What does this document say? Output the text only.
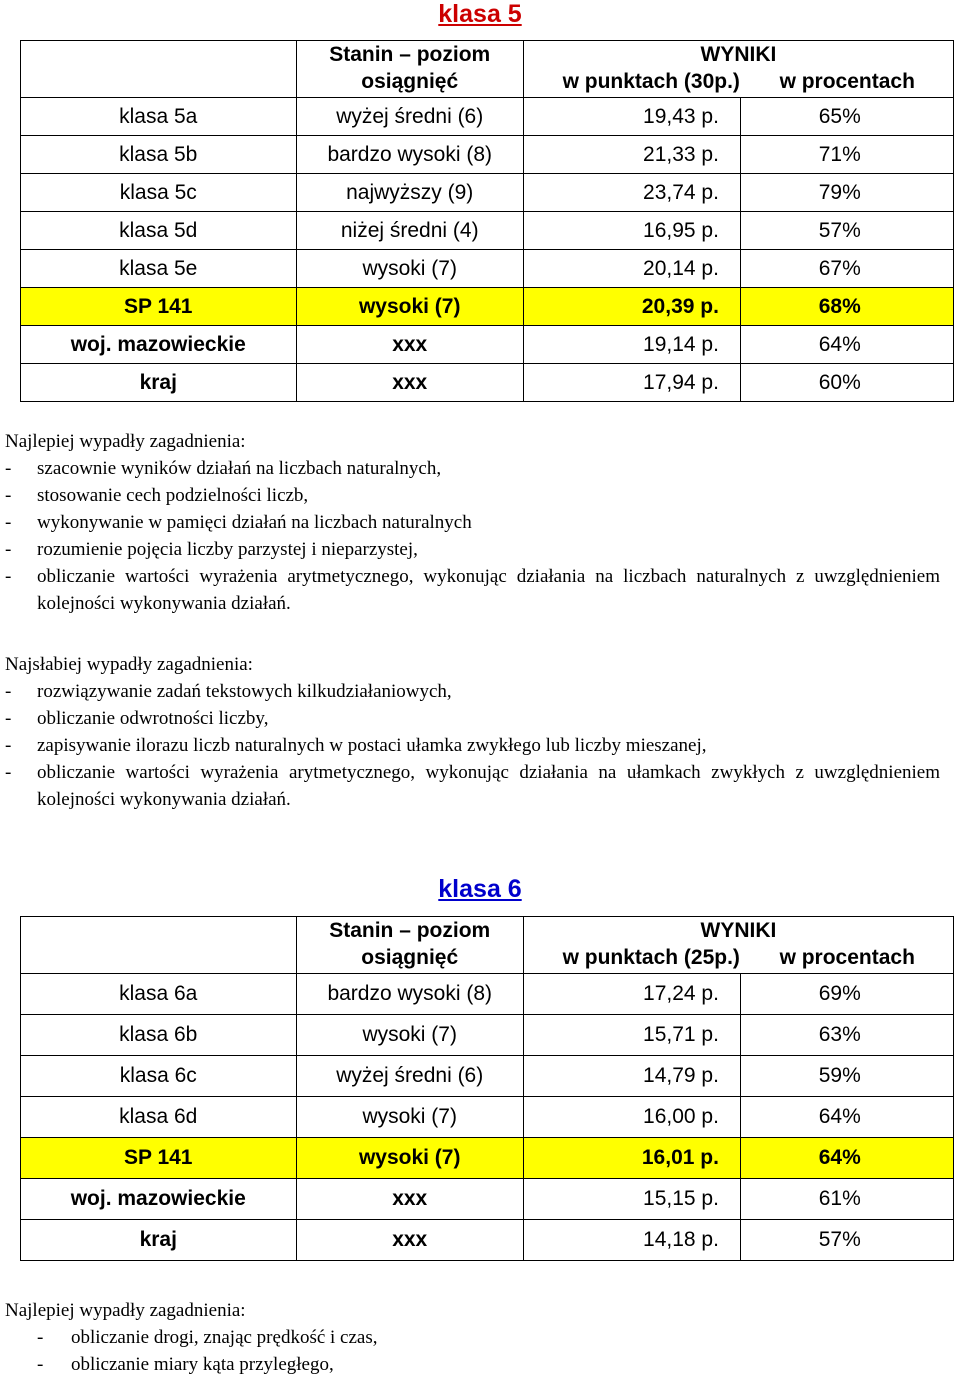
klasa 5

	Stanin – poziom
osiągnięć	WYNIKI
w punktach (30p.) w procentach	
klasa 5a	wyżej średni (6)	19,43 p.	65%
klasa 5b	bardzo wysoki (8)	21,33 p.	71%
klasa 5c	najwyższy (9)	23,74 p.	79%
klasa 5d	niżej średni (4)	16,95 p.	57%
klasa 5e	wysoki (7)	20,14 p.	67%
SP 141	wysoki (7)	20,39 p.	68%
woj. mazowieckie	xxx	19,14 p.	64%
kraj	xxx	17,94 p.	60%
Najlepiej wypadły zagadnienia:
- szacownie wyników działań na liczbach naturalnych,
- stosowanie cech podzielności liczb,
- wykonywanie w pamięci działań na liczbach naturalnych
- rozumienie pojęcia liczby parzystej i nieparzystej,
- obliczanie wartości wyrażenia arytmetycznego, wykonując działania na liczbach naturalnych z uwzględnieniem kolejności wykonywania działań.
Najsłabiej wypadły zagadnienia:
- rozwiązywanie zadań tekstowych kilkudziałaniowych,
- obliczanie odwrotności liczby,
- zapisywanie ilorazu liczb naturalnych w postaci ułamka zwykłego lub liczby mieszanej,
- obliczanie wartości wyrażenia arytmetycznego, wykonując działania na ułamkach zwykłych z uwzględnieniem kolejności wykonywania działań.
klasa 6

	Stanin – poziom
osiągnięć	WYNIKI
w punktach (25p.) w procentach	
klasa 6a	bardzo wysoki (8)	17,24 p.	69%
klasa 6b	wysoki (7)	15,71 p.	63%
klasa 6c	wyżej średni (6)	14,79 p.	59%
klasa 6d	wysoki (7)	16,00 p.	64%
SP 141	wysoki (7)	16,01 p.	64%
woj. mazowieckie	xxx	15,15 p.	61%
kraj	xxx	14,18 p.	57%
Najlepiej wypadły zagadnienia:
- obliczanie drogi, znając prędkość i czas,
- obliczanie miary kąta przyległego,
